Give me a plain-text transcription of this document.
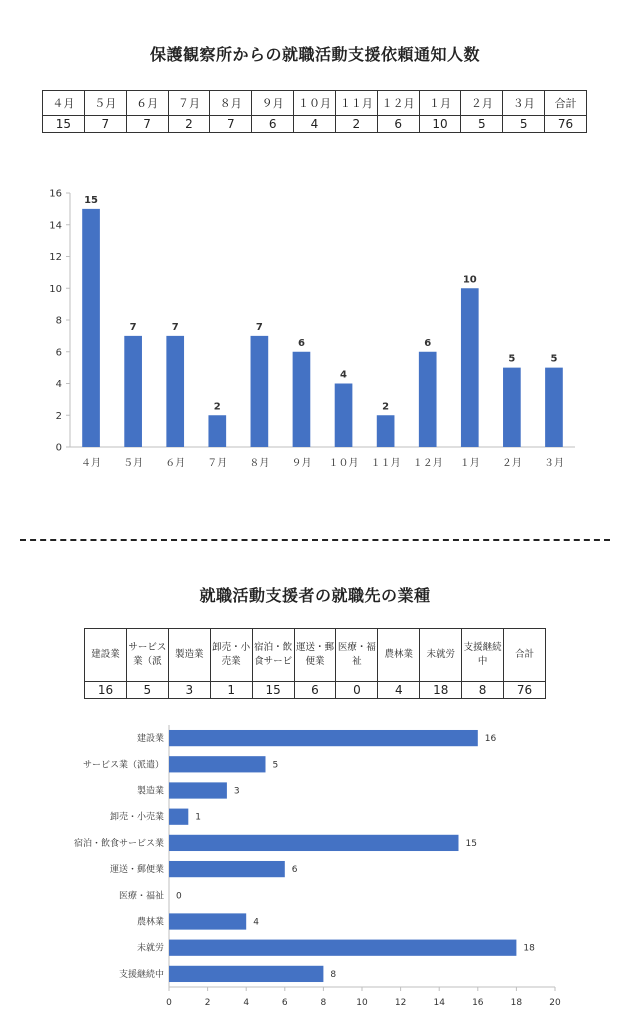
保護観察所からの就職活動支援依頼通知人数
４月	５月	６月	７月	８月	９月	１０月	１１月	１２月	１月	２月	３月	合計
15	7	7	2	7	6	4	2	6	10	5	5	76
0
2
4
6
8
10
12
14
16
15
４月
7
５月
7
６月
2
７月
7
８月
6
９月
4
１０月
2
１１月
6
１２月
10
１月
5
２月
5
３月
就職活動支援者の就職先の業種
建設業	サービス業（派	製造業	卸売・小売業	宿泊・飲食サービ	運送・郵便業	医療・福祉	農林業	未就労	支援継続中	合計
16	5	3	1	15	6	0	4	18	8	76
0	2	4	6	8	10	12	14	16	18	20
16
建設業
5
サービス業（派遣）
3
製造業
1
卸売・小売業
15
宿泊・飲食サービス業
6
運送・郵便業
0
医療・福祉
4
農林業
18
未就労
8
支援継続中
